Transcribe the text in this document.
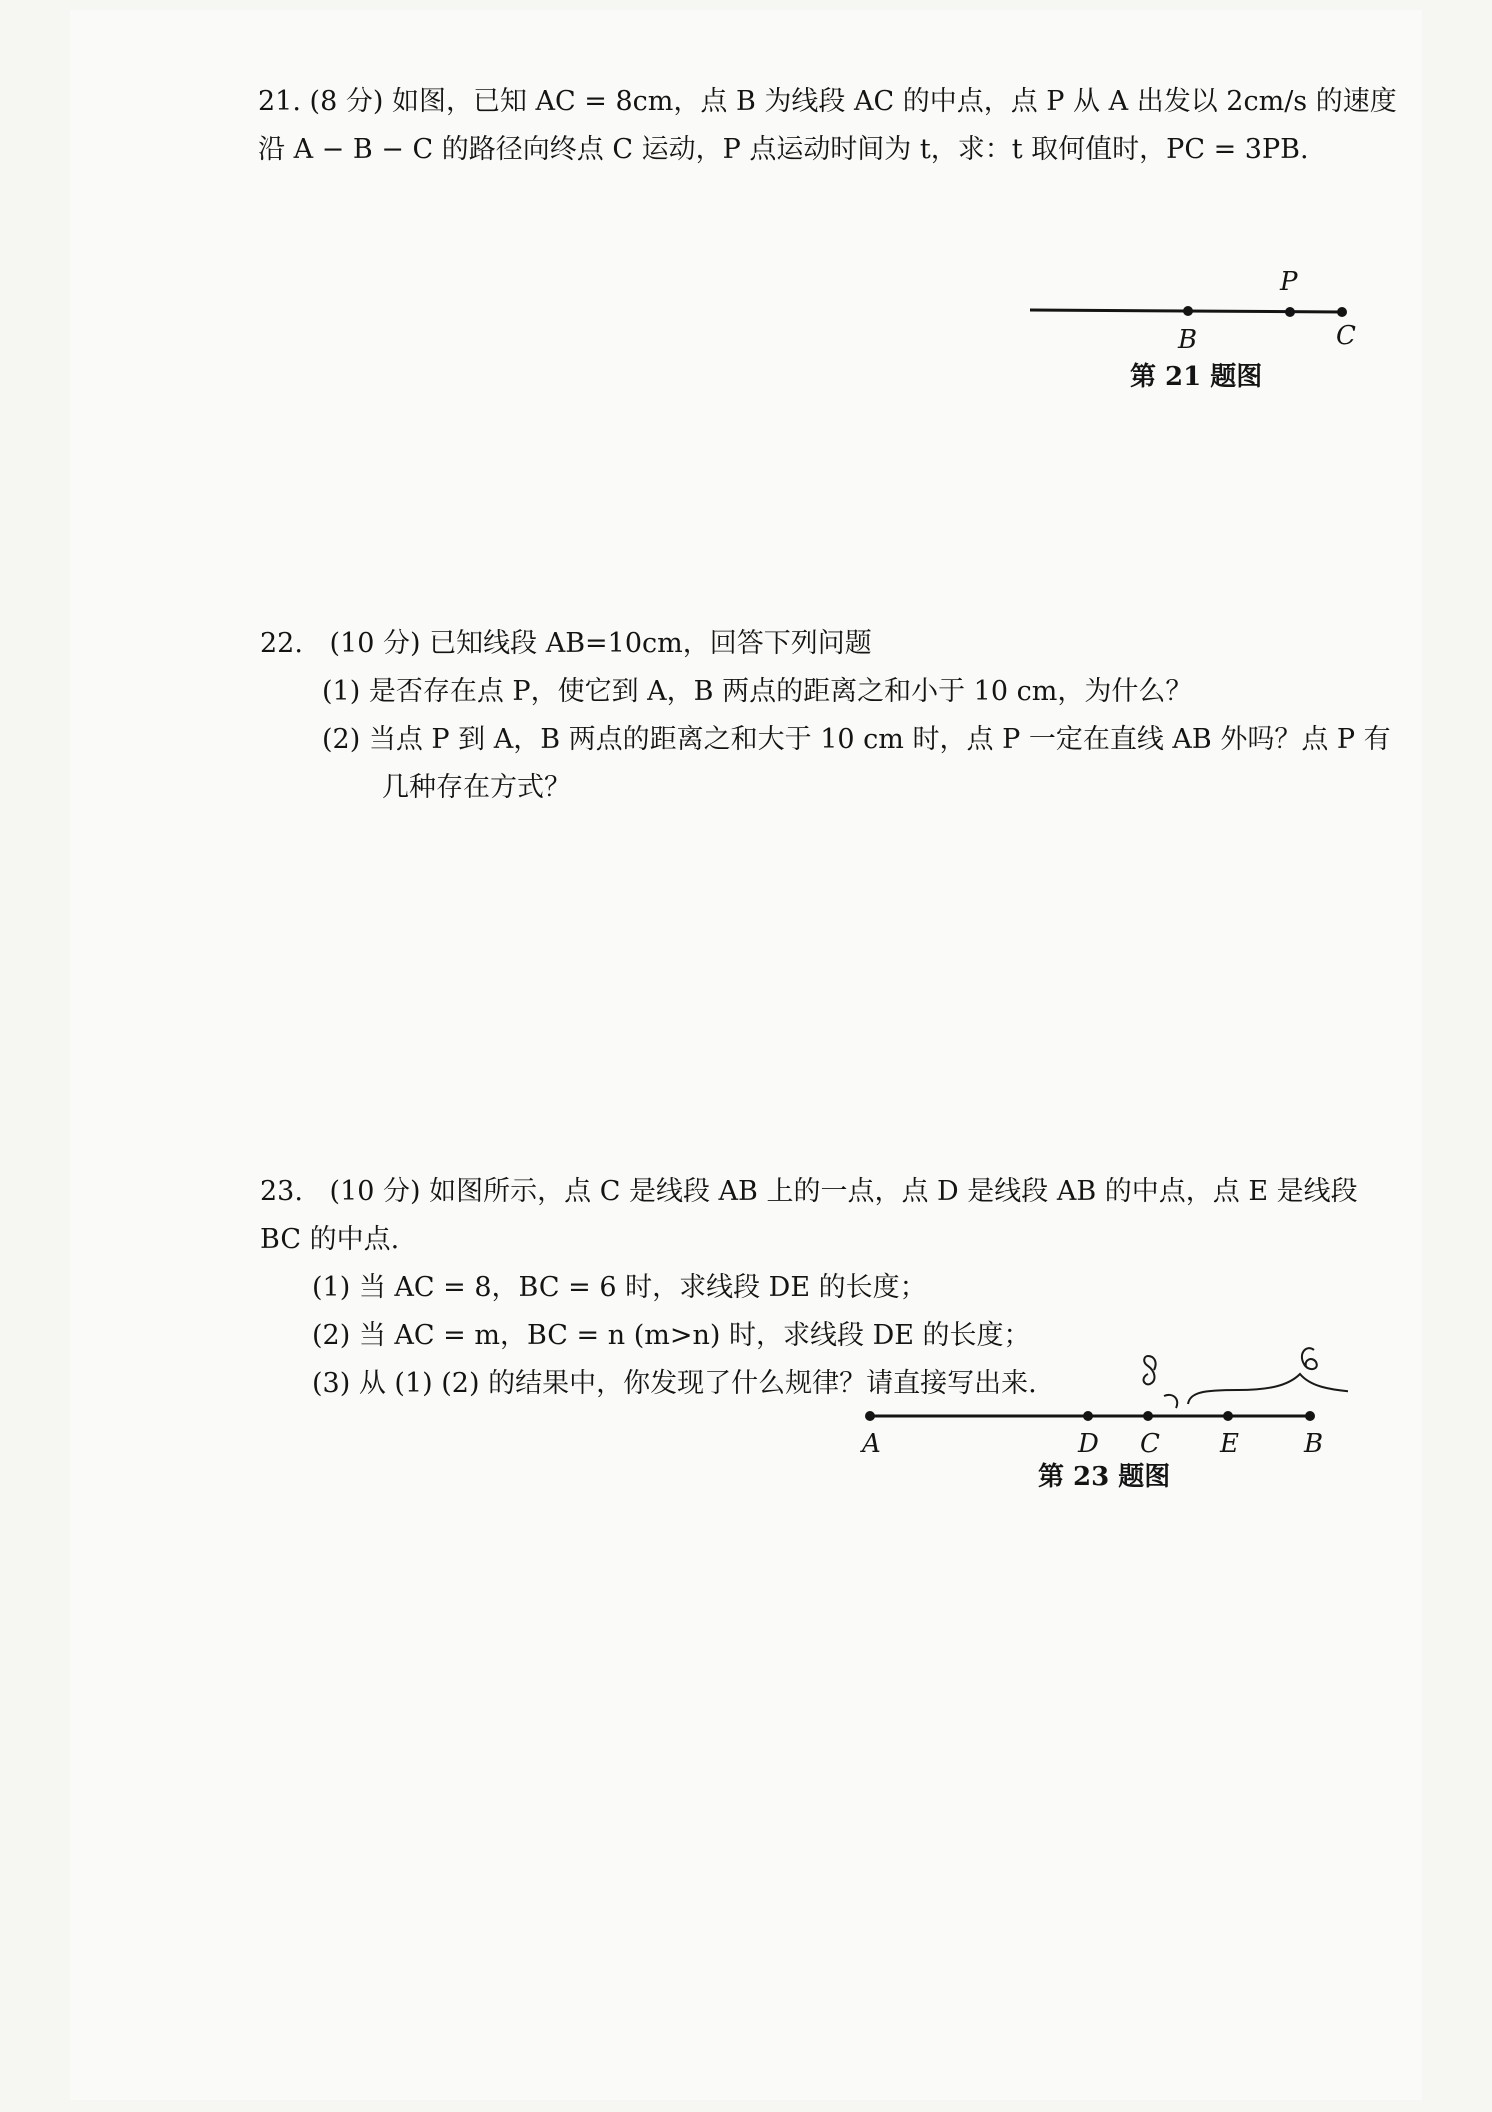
21. (8 分) 如图，已知 AC = 8cm，点 B 为线段 AC 的中点，点 P 从 A 出发以 2cm/s 的速度
沿 A − B − C 的路径向终点 C 运动，P 点运动时间为 t，求：t 取何值时，PC = 3PB.
P
B	C
第 21 题图
22. (10 分) 已知线段 AB=10cm，回答下列问题
(1) 是否存在点 P，使它到 A，B 两点的距离之和小于 10 cm，为什么？
(2) 当点 P 到 A，B 两点的距离之和大于 10 cm 时，点 P 一定在直线 AB 外吗？点 P 有
几种存在方式？
23. (10 分) 如图所示，点 C 是线段 AB 上的一点，点 D 是线段 AB 的中点，点 E 是线段
BC 的中点.
(1) 当 AC = 8，BC = 6 时，求线段 DE 的长度；
(2) 当 AC = m，BC = n (m>n) 时，求线段 DE 的长度；
(3) 从 (1) (2) 的结果中，你发现了什么规律？请直接写出来.
A	D C E	B
第 23 题图
